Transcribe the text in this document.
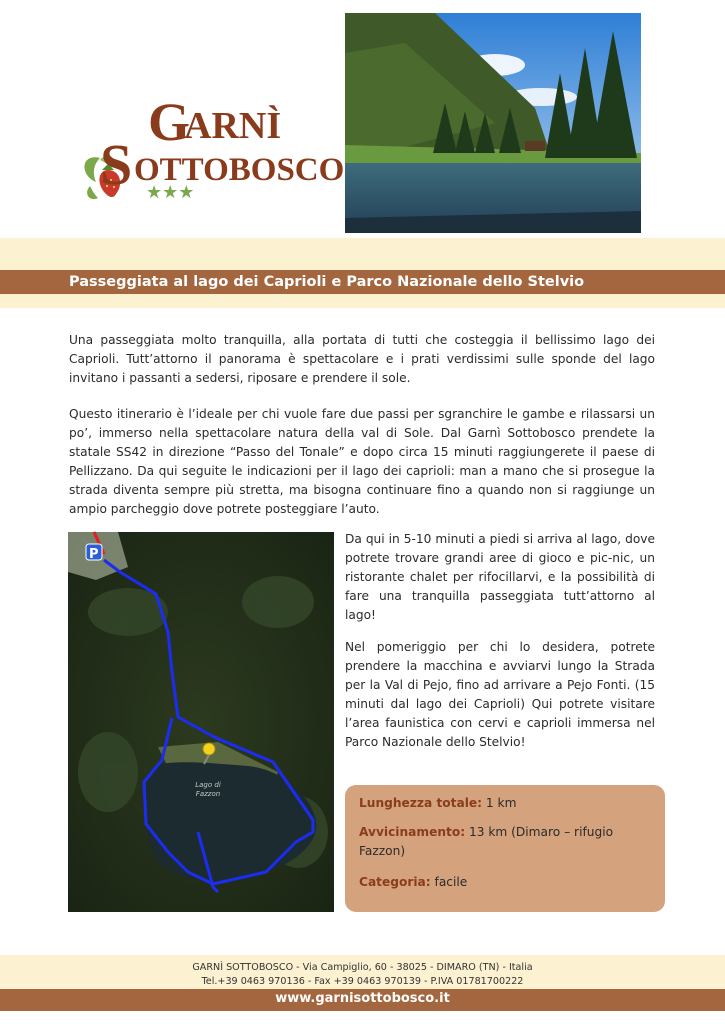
G
ARNÌ
S OTTOBOSCO
★★★
Passeggiata al lago dei Caprioli e Parco Nazionale dello Stelvio

Una passeggiata molto tranquilla, alla portata di tutti che costeggia il bellissimo lago dei Caprioli. Tutt’attorno il panorama è spettacolare e i prati verdissimi sulle sponde del lago invitano i passanti a sedersi, riposare e prendere il sole.

Questo itinerario è l’ideale per chi vuole fare due passi per sgranchire le gambe e rilassarsi un po’, immerso nella spettacolare natura della val di Sole. Dal Garnì Sottobosco prendete la statale SS42 in direzione “Passo del Tonale” e dopo circa 15 minuti raggiungerete il paese di Pellizzano. Da qui seguite le indicazioni per il lago dei caprioli: man a mano che si prosegue la strada diventa sempre più stretta, ma bisogna continuare fino a quando non si raggiunge un ampio parcheggio dove potrete posteggiare l’auto.

P
Lago di
Fazzon

Da qui in 5-10 minuti a piedi si arriva al lago, dove potrete trovare grandi aree di gioco e pic-nic, un ristorante chalet per rifocillarvi, e la possibilità di fare una tranquilla passeggiata tutt’attorno al lago!

Nel pomeriggio per chi lo desidera, potrete prendere la macchina e avviarvi lungo la Strada per la Val di Pejo, fino ad arrivare a Pejo Fonti. (15 minuti dal lago dei Caprioli) Qui potrete visitare l’area faunistica con cervi e caprioli immersa nel Parco Nazionale dello Stelvio!

Lunghezza totale: 1 km
Avvicinamento: 13 km (Dimaro – rifugio Fazzon)
Categoria: facile
GARNÌ SOTTOBOSCO - Via Campiglio, 60 - 38025 - DIMARO (TN) - Italia
Tel.+39 0463 970136 - Fax +39 0463 970139 - P.IVA 01781700222
www.garnisottobosco.it
